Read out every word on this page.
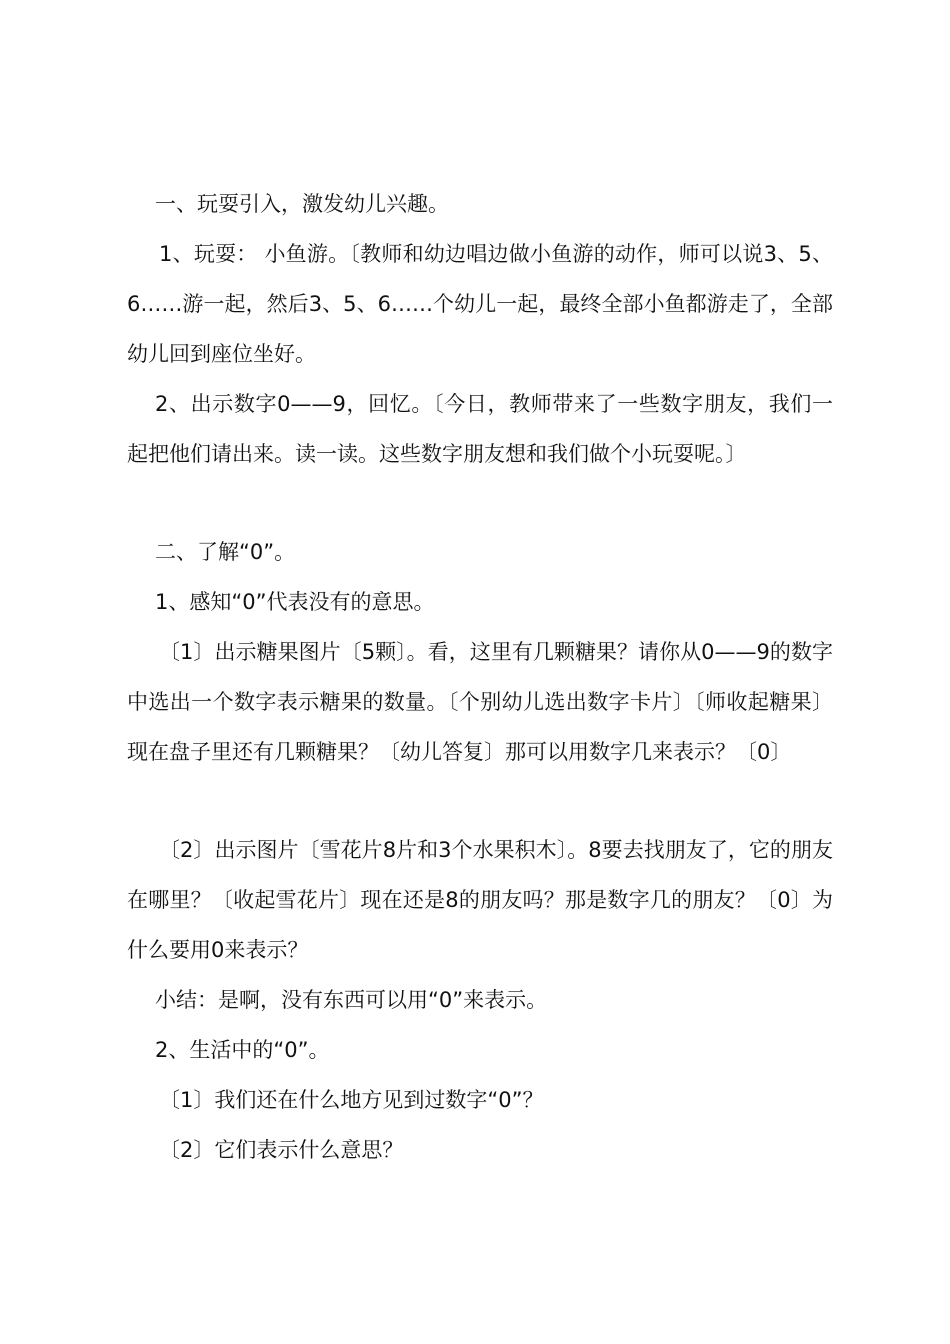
一、玩耍引入，激发幼儿兴趣。

1、玩耍： 小鱼游。〔教师和幼边唱边做小鱼游的动作，师可以说3、5、6……游一起，然后3、5、6……个幼儿一起，最终全部小鱼都游走了，全部幼儿回到座位坐好。

2、出示数字0——9，回忆。〔今日，教师带来了一些数字朋友，我们一起把他们请出来。读一读。这些数字朋友想和我们做个小玩耍呢。〕

二、了解“0”。

1、感知“0”代表没有的意思。

〔1〕出示糖果图片〔5颗〕。看，这里有几颗糖果？请你从0——9的数字中选出一个数字表示糖果的数量。〔个别幼儿选出数字卡片〕〔师收起糖果〕现在盘子里还有几颗糖果？〔幼儿答复〕那可以用数字几来表示？〔0〕

〔2〕出示图片〔雪花片8片和3个水果积木〕。8要去找朋友了，它的朋友在哪里？〔收起雪花片〕现在还是8的朋友吗？那是数字几的朋友？〔0〕为什么要用0来表示？

小结：是啊，没有东西可以用“0”来表示。

2、生活中的“0”。

〔1〕我们还在什么地方见到过数字“0”？

〔2〕它们表示什么意思？
